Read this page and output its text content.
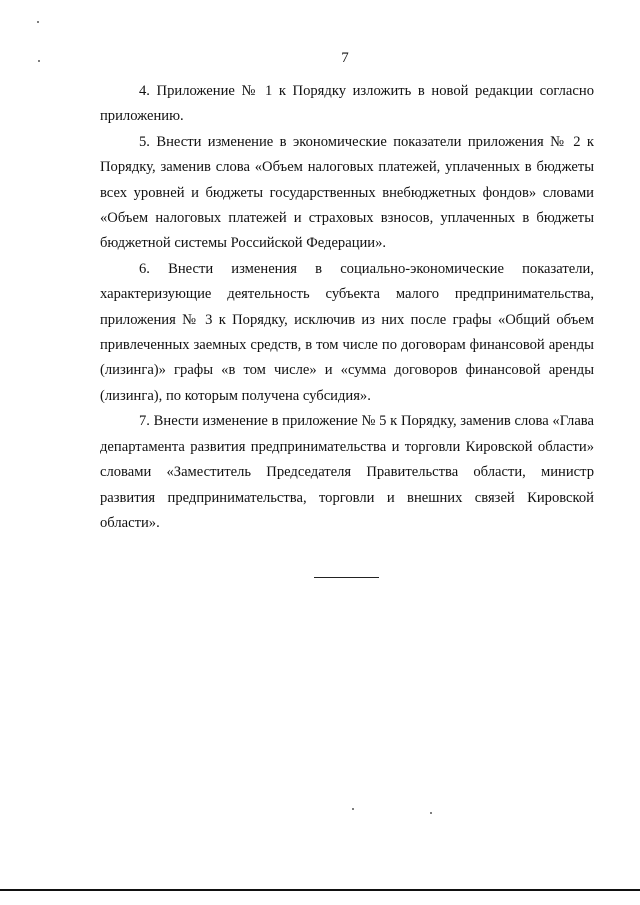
7

4. Приложение № 1 к Порядку изложить в новой редакции согласно приложению.

5. Внести изменение в экономические показатели приложения № 2 к Порядку, заменив слова «Объем налоговых платежей, уплаченных в бюджеты всех уровней и бюджеты государственных внебюджетных фондов» словами «Объем налоговых платежей и страховых взносов, уплаченных в бюджеты бюджетной системы Российской Федерации».

6. Внести изменения в социально-экономические показатели, характеризующие деятельность субъекта малого предпринимательства, приложения № 3 к Порядку, исключив из них после графы «Общий объем привлеченных заемных средств, в том числе по договорам финансовой аренды (лизинга)» графы «в том числе» и «сумма договоров финансовой аренды (лизинга), по которым получена субсидия».

7. Внести изменение в приложение № 5 к Порядку, заменив слова «Глава департамента развития предпринимательства и торговли Кировской области» словами «Заместитель Председателя Правительства области, министр развития предпринимательства, торговли и внешних связей Кировской области».
